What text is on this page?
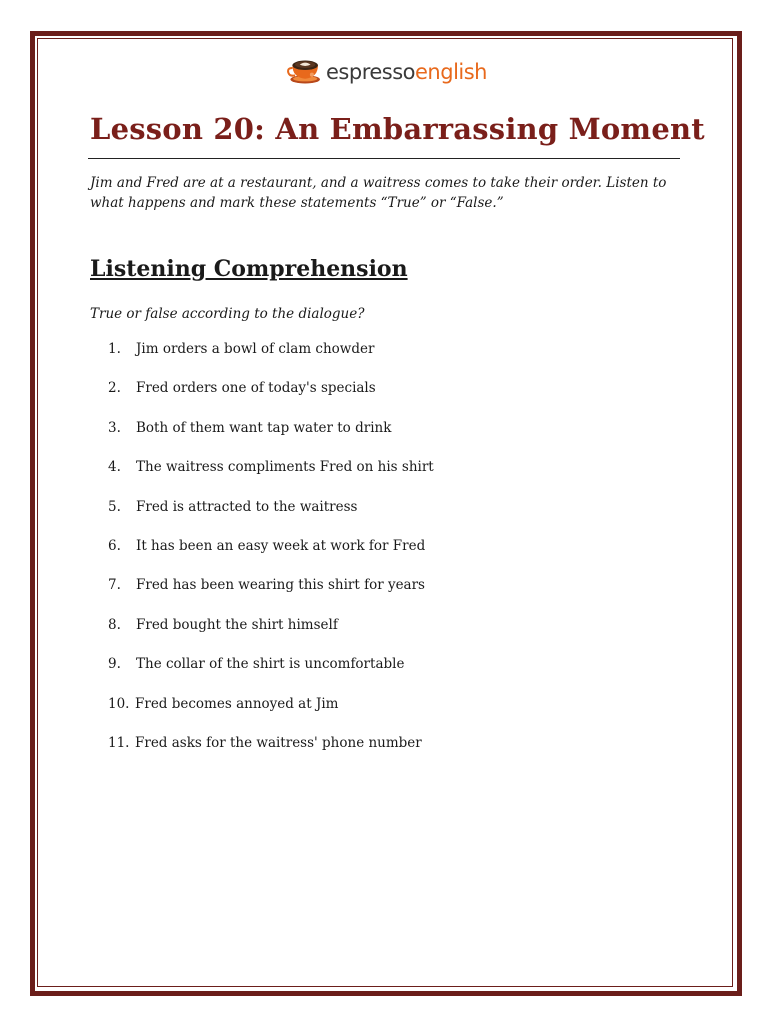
espressoenglish
Lesson 20: An Embarrassing Moment

Jim and Fred are at a restaurant, and a waitress comes to take their order. Listen to what happens and mark these statements “True” or “False.”

Listening Comprehension

True or false according to the dialogue?

1.	Jim orders a bowl of clam chowder
2.	Fred orders one of today's specials
3.	Both of them want tap water to drink
4.	The waitress compliments Fred on his shirt
5.	Fred is attracted to the waitress
6.	It has been an easy week at work for Fred
7.	Fred has been wearing this shirt for years
8.	Fred bought the shirt himself
9.	The collar of the shirt is uncomfortable
10. Fred becomes annoyed at Jim
11. Fred asks for the waitress' phone number
